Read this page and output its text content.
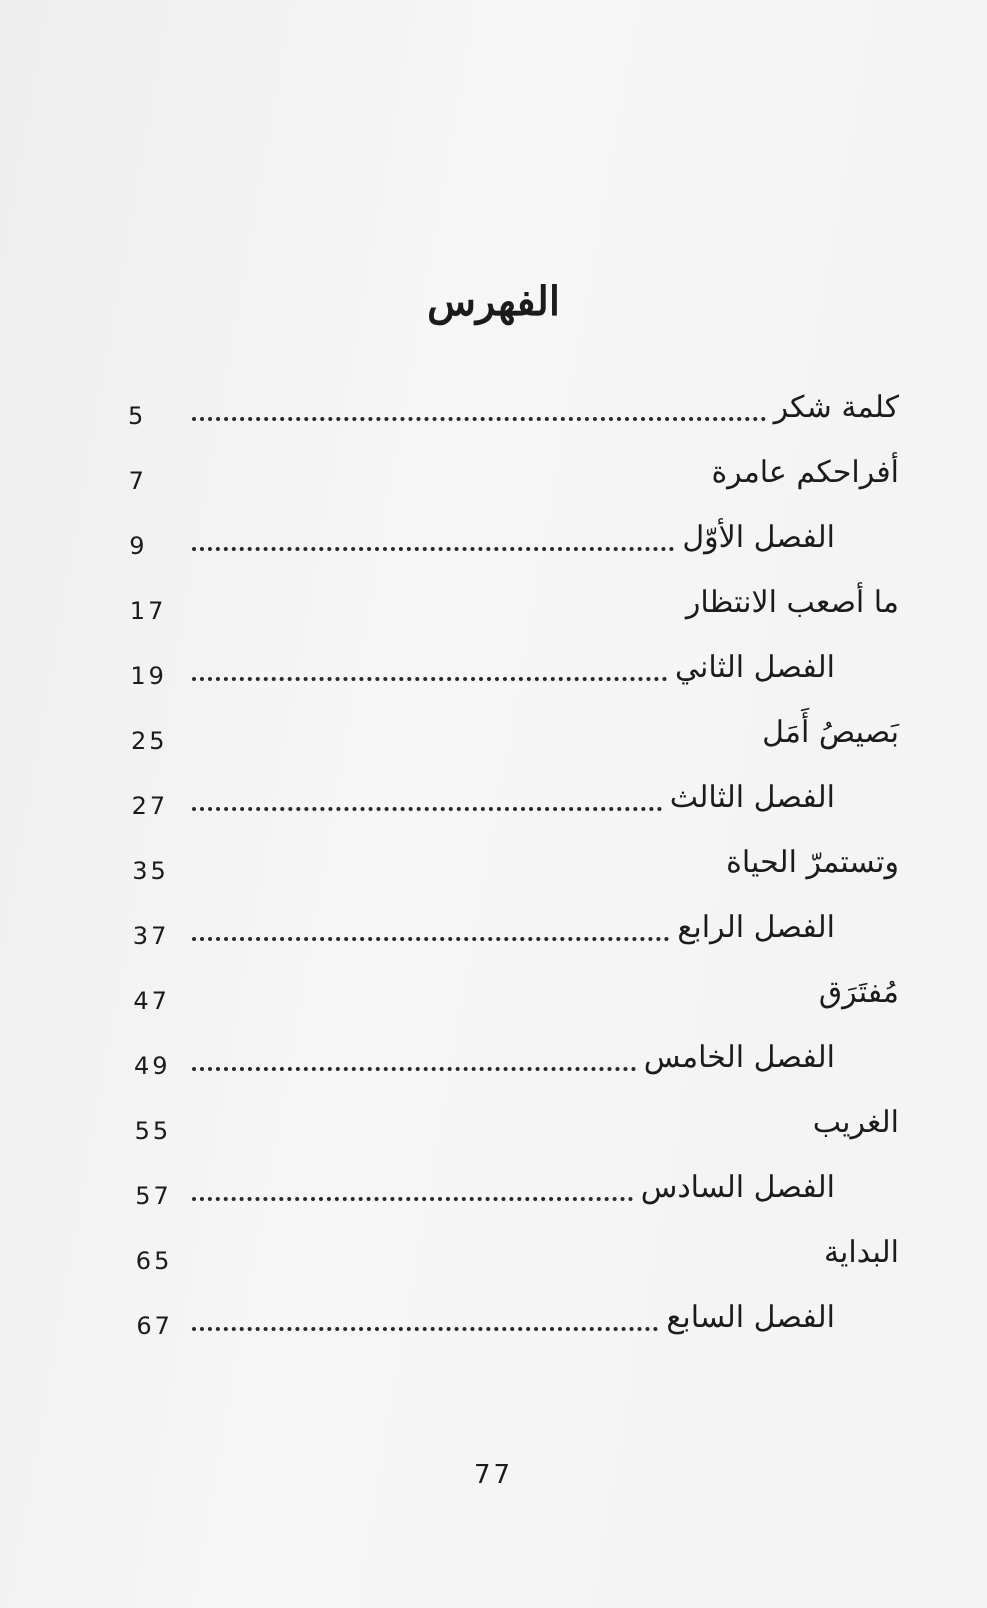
الفهرس
5	كلمة شكر
7	أفراحكم عامرة
9	الفصل الأوّل
17	ما أصعب الانتظار
19	الفصل الثاني
25	بَصيصُ أَمَل
27	الفصل الثالث
35	وتستمرّ الحياة
37	الفصل الرابع
47	مُفتَرَق
49	الفصل الخامس
55	الغريب
57	الفصل السادس
65	البداية
67	الفصل السابع
77
